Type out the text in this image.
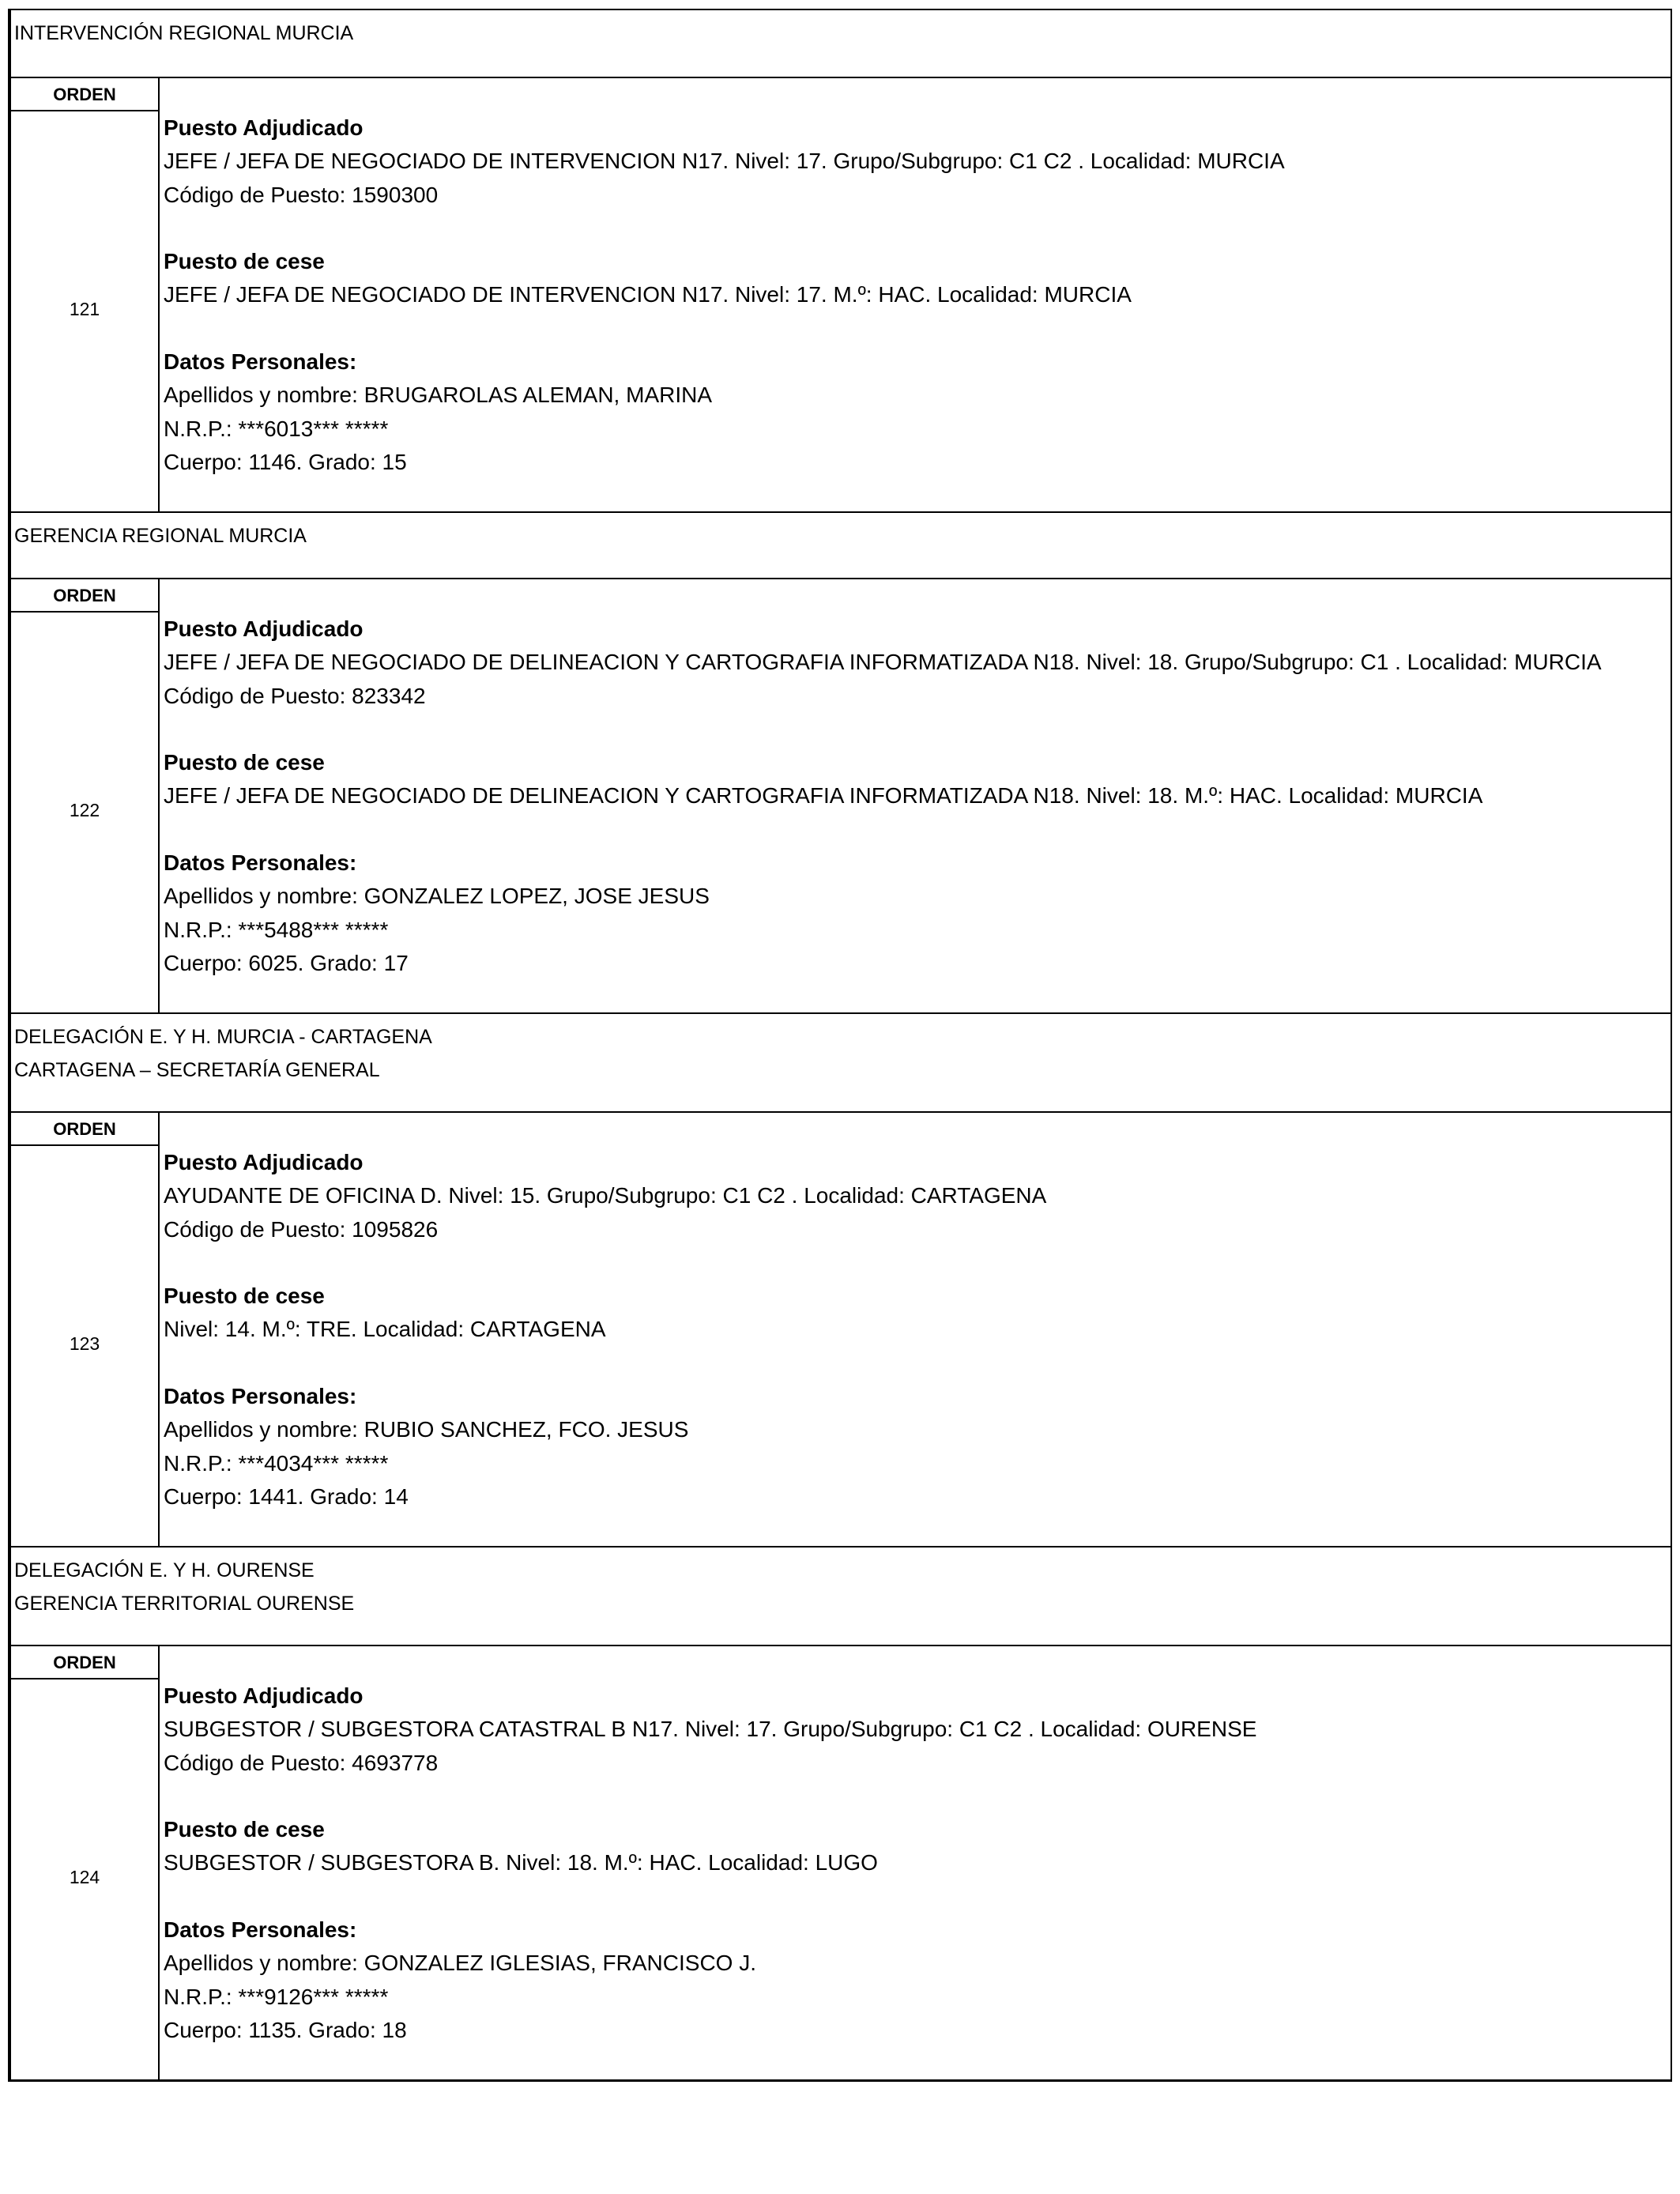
INTERVENCIÓN REGIONAL MURCIA
ORDEN
121
Puesto Adjudicado
JEFE / JEFA DE NEGOCIADO DE INTERVENCION N17. Nivel: 17. Grupo/Subgrupo: C1 C2 . Localidad: MURCIA
Código de Puesto: 1590300
Puesto de cese
JEFE / JEFA DE NEGOCIADO DE INTERVENCION N17. Nivel: 17. M.º: HAC. Localidad: MURCIA
Datos Personales:
Apellidos y nombre: BRUGAROLAS ALEMAN, MARINA
N.R.P.: ***6013*** *****
Cuerpo: 1146. Grado: 15
GERENCIA REGIONAL MURCIA
ORDEN
122
Puesto Adjudicado
JEFE / JEFA DE NEGOCIADO DE DELINEACION Y CARTOGRAFIA INFORMATIZADA N18. Nivel: 18. Grupo/Subgrupo: C1 . Localidad: MURCIA
Código de Puesto: 823342
Puesto de cese
JEFE / JEFA DE NEGOCIADO DE DELINEACION Y CARTOGRAFIA INFORMATIZADA N18. Nivel: 18. M.º: HAC. Localidad: MURCIA
Datos Personales:
Apellidos y nombre: GONZALEZ LOPEZ, JOSE JESUS
N.R.P.: ***5488*** *****
Cuerpo: 6025. Grado: 17
DELEGACIÓN E. Y H. MURCIA - CARTAGENA
CARTAGENA – SECRETARÍA GENERAL
ORDEN
123
Puesto Adjudicado
AYUDANTE DE OFICINA D. Nivel: 15. Grupo/Subgrupo: C1 C2 . Localidad: CARTAGENA
Código de Puesto: 1095826
Puesto de cese
Nivel: 14. M.º: TRE. Localidad: CARTAGENA
Datos Personales:
Apellidos y nombre: RUBIO SANCHEZ, FCO. JESUS
N.R.P.: ***4034*** *****
Cuerpo: 1441. Grado: 14
DELEGACIÓN E. Y H. OURENSE
GERENCIA TERRITORIAL OURENSE
ORDEN
124
Puesto Adjudicado
SUBGESTOR / SUBGESTORA CATASTRAL B N17. Nivel: 17. Grupo/Subgrupo: C1 C2 . Localidad: OURENSE
Código de Puesto: 4693778
Puesto de cese
SUBGESTOR / SUBGESTORA B. Nivel: 18. M.º: HAC. Localidad: LUGO
Datos Personales:
Apellidos y nombre: GONZALEZ IGLESIAS, FRANCISCO J.
N.R.P.: ***9126*** *****
Cuerpo: 1135. Grado: 18
